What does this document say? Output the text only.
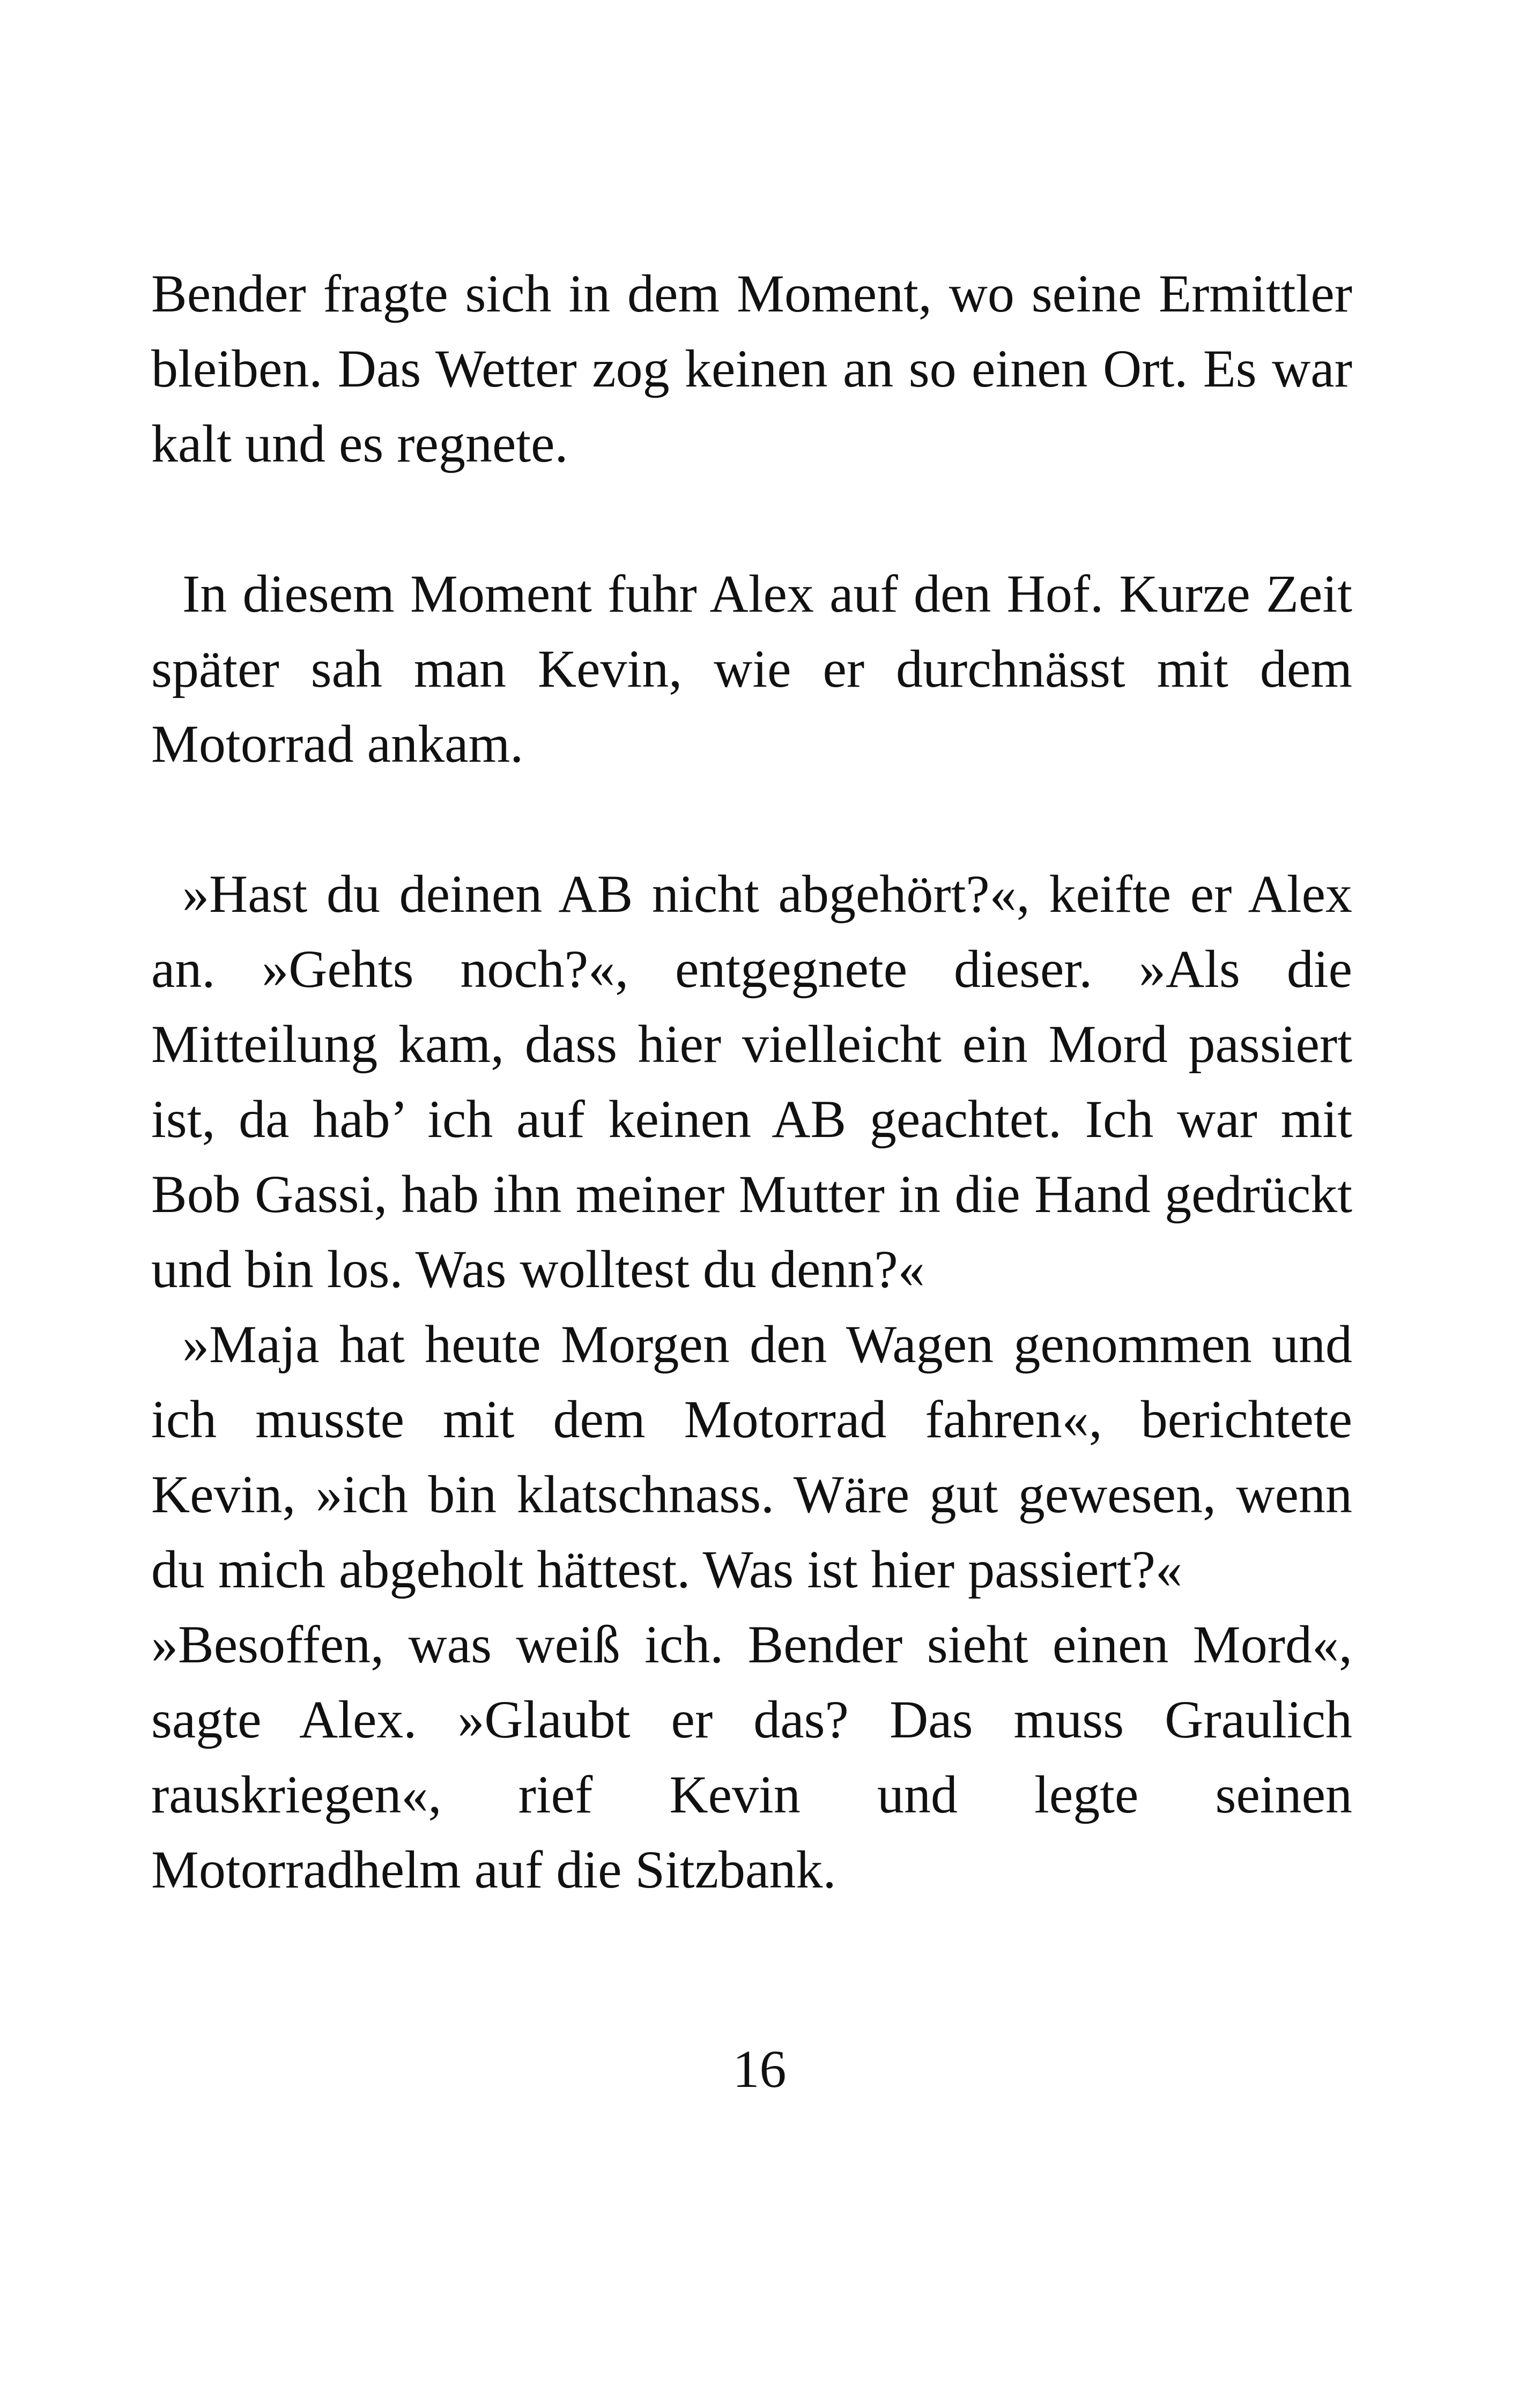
Bender fragte sich in dem Moment, wo seine Ermittler bleiben. Das Wetter zog keinen an so einen Ort. Es war kalt und es regnete.

In diesem Moment fuhr Alex auf den Hof. Kurze Zeit später sah man Kevin, wie er durchnässt mit dem Motorrad ankam.

»Hast du deinen AB nicht abgehört?«, keifte er Alex an. »Gehts noch?«, entgegnete dieser. »Als die Mitteilung kam, dass hier vielleicht ein Mord passiert ist, da hab’ ich auf keinen AB geachtet. Ich war mit Bob Gassi, hab ihn meiner Mutter in die Hand gedrückt und bin los. Was wolltest du denn?«

»Maja hat heute Morgen den Wagen genommen und ich musste mit dem Motorrad fahren«, berichtete Kevin, »ich bin klatschnass. Wäre gut gewesen, wenn du mich abgeholt hättest. Was ist hier passiert?«

»Besoffen, was weiß ich. Bender sieht einen Mord«, sagte Alex. »Glaubt er das? Das muss Graulich rauskriegen«, rief Kevin und legte seinen Motorradhelm auf die Sitzbank.

16
